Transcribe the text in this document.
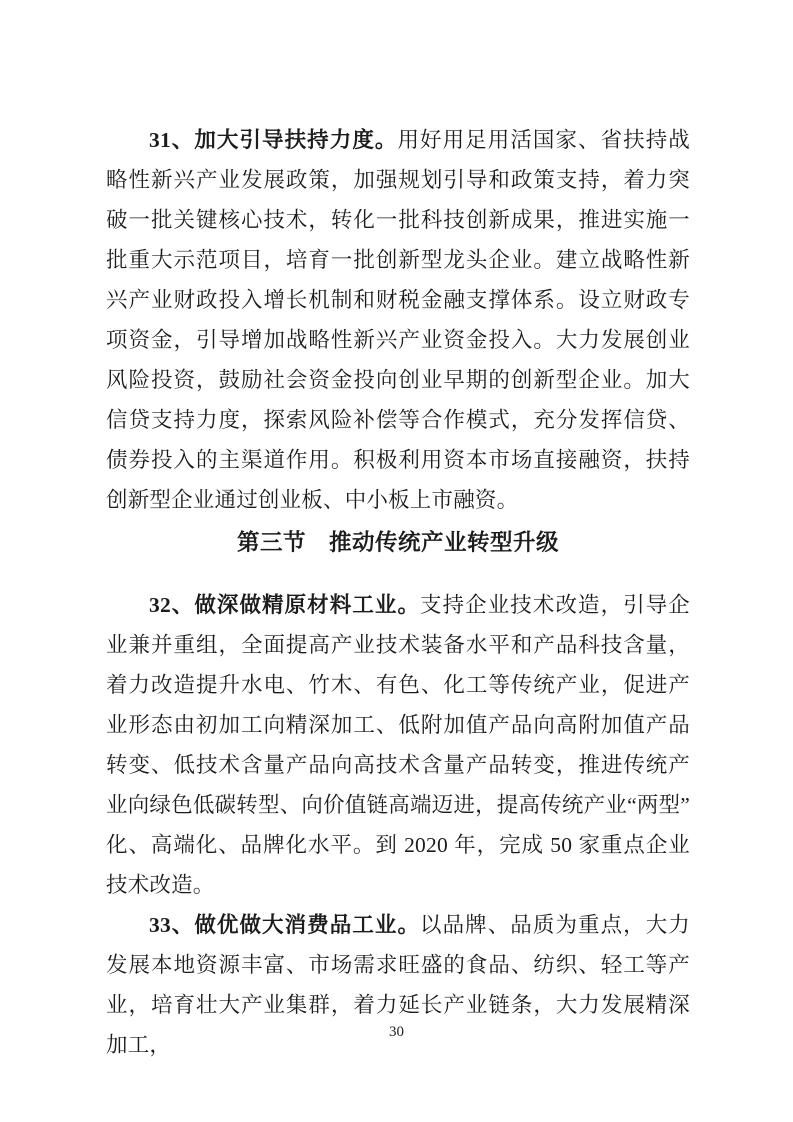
31、加大引导扶持力度。用好用足用活国家、省扶持战略性新兴产业发展政策，加强规划引导和政策支持，着力突破一批关键核心技术，转化一批科技创新成果，推进实施一批重大示范项目，培育一批创新型龙头企业。建立战略性新兴产业财政投入增长机制和财税金融支撑体系。设立财政专项资金，引导增加战略性新兴产业资金投入。大力发展创业风险投资，鼓励社会资金投向创业早期的创新型企业。加大信贷支持力度，探索风险补偿等合作模式，充分发挥信贷、债券投入的主渠道作用。积极利用资本市场直接融资，扶持创新型企业通过创业板、中小板上市融资。

第三节　推动传统产业转型升级

32、做深做精原材料工业。支持企业技术改造，引导企业兼并重组，全面提高产业技术装备水平和产品科技含量，着力改造提升水电、竹木、有色、化工等传统产业，促进产业形态由初加工向精深加工、低附加值产品向高附加值产品转变、低技术含量产品向高技术含量产品转变，推进传统产业向绿色低碳转型、向价值链高端迈进，提高传统产业“两型”化、高端化、品牌化水平。到 2020 年，完成 50 家重点企业技术改造。

33、做优做大消费品工业。以品牌、品质为重点，大力发展本地资源丰富、市场需求旺盛的食品、纺织、轻工等产业，培育壮大产业集群，着力延长产业链条，大力发展精深加工，

30
